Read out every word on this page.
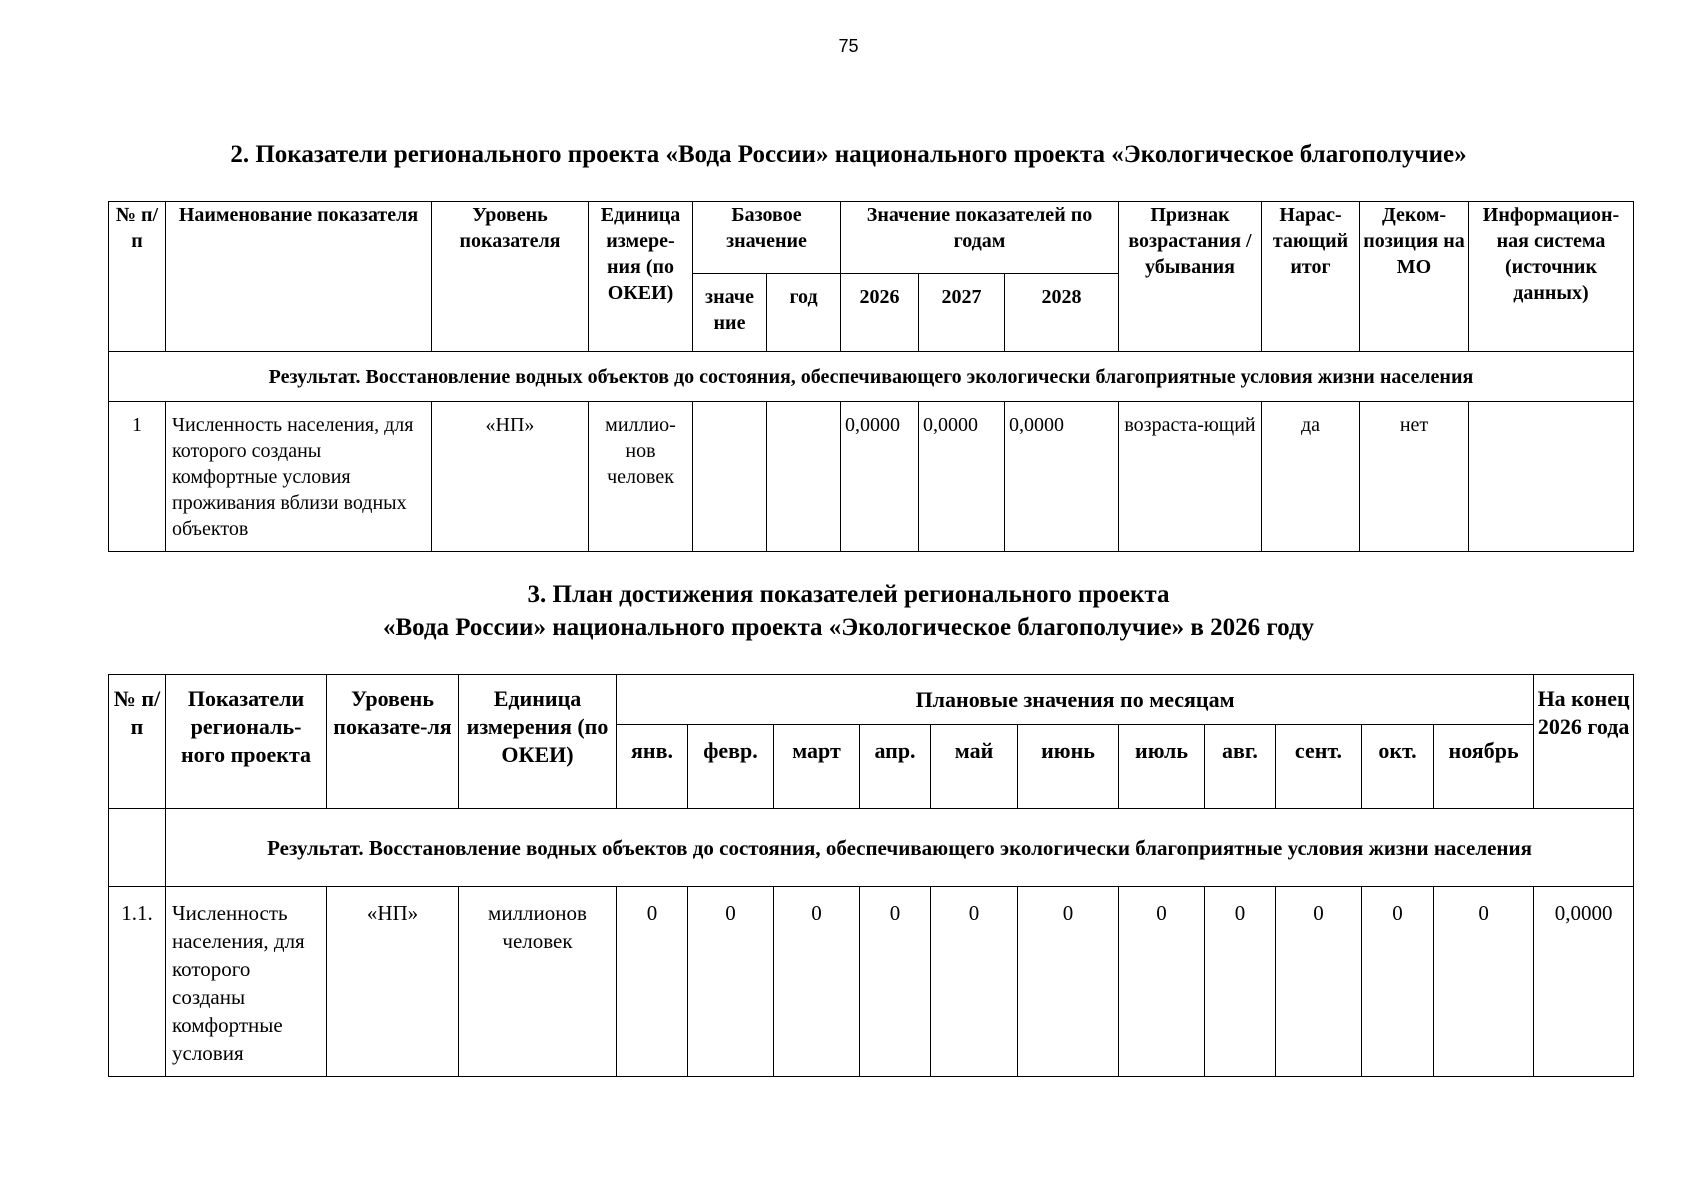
75
2. Показатели регионального проекта «Вода России» национального проекта «Экологическое благополучие»
№ п/п	Наименование показателя	Уровень показателя	Единица измере-ния (по ОКЕИ)	Базовое значение		Значение показателей по годам			Признак возрастания / убывания	Нарас-тающий итог	Деком-позиция на МО	Информацион-ная система (источник данных)
				значе ние	год	2026	2027	2028				
Результат. Восстановление водных объектов до состояния, обеспечивающего экологически благоприятные условия жизни населения												
1	Численность населения, для которого созданы комфортные условия проживания вблизи водных объектов	«НП»	миллио-нов человек			0,0000	0,0000	0,0000	возраста-ющий	да	нет	
3. План достижения показателей регионального проекта
«Вода России» национального проекта «Экологическое благополучие» в 2026 году
№ п/п	Показатели региональ-ного проекта	Уровень показате-ля	Единица измерения (по ОКЕИ)	Плановые значения по месяцам											На конец 2026 года
				янв.	февр.	март	апр.	май	июнь	июль	авг.	сент.	окт.	ноябрь	
	Результат. Восстановление водных объектов до состояния, обеспечивающего экологически благоприятные условия жизни населения														
1.1.	Численность населения, для которого созданы комфортные условия	«НП»	миллионов человек	0	0	0	0	0	0	0	0	0	0	0	0,0000
